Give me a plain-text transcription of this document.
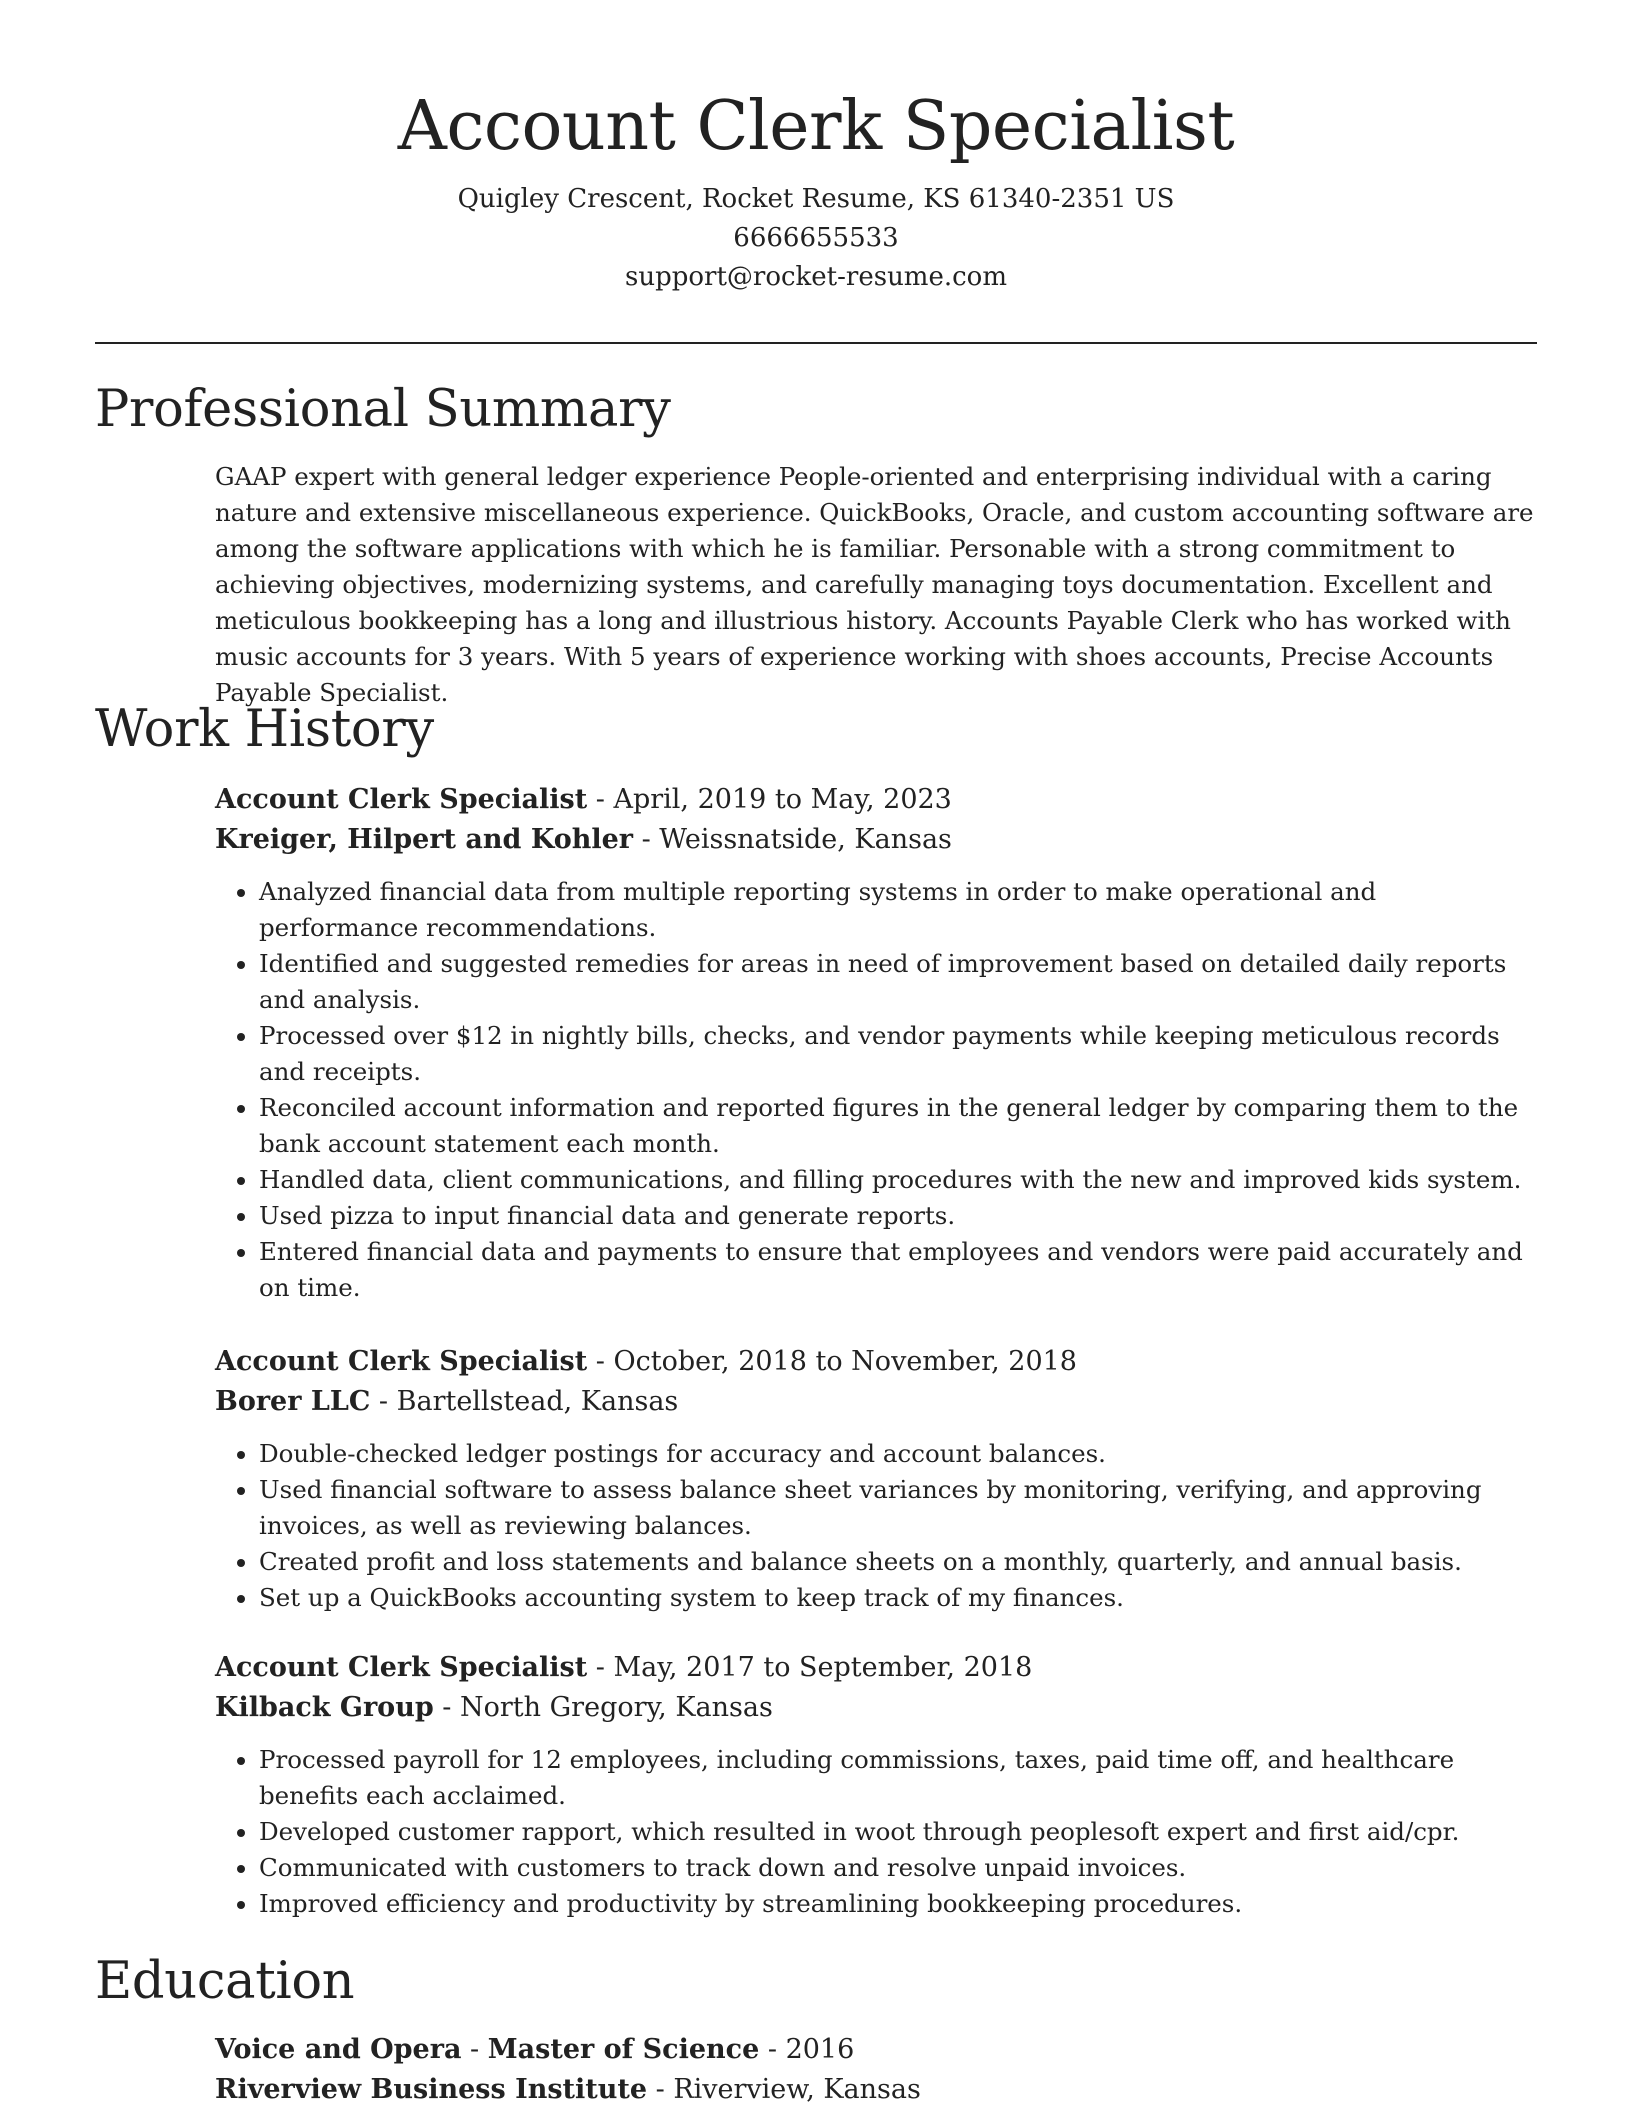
Account Clerk Specialist

Quigley Crescent, Rocket Resume, KS 61340-2351 US

6666655533

support@rocket-resume.com

Professional Summary

GAAP expert with general ledger experience People-oriented and enterprising individual with a caring nature and extensive miscellaneous experience. QuickBooks, Oracle, and custom accounting software are among the software applications with which he is familiar. Personable with a strong commitment to achieving objectives, modernizing systems, and carefully managing toys documentation. Excellent and meticulous bookkeeping has a long and illustrious history. Accounts Payable Clerk who has worked with music accounts for 3 years. With 5 years of experience working with shoes accounts, Precise Accounts Payable Specialist.

Work History

Account Clerk Specialist - April, 2019 to May, 2023

Kreiger, Hilpert and Kohler - Weissnatside, Kansas

• Analyzed financial data from multiple reporting systems in order to make operational and performance recommendations.
• Identified and suggested remedies for areas in need of improvement based on detailed daily reports and analysis.
• Processed over $12 in nightly bills, checks, and vendor payments while keeping meticulous records and receipts.
• Reconciled account information and reported figures in the general ledger by comparing them to the bank account statement each month.
• Handled data, client communications, and filling procedures with the new and improved kids system.
• Used pizza to input financial data and generate reports.
• Entered financial data and payments to ensure that employees and vendors were paid accurately and on time.

Account Clerk Specialist - October, 2018 to November, 2018

Borer LLC - Bartellstead, Kansas

• Double-checked ledger postings for accuracy and account balances.
• Used financial software to assess balance sheet variances by monitoring, verifying, and approving invoices, as well as reviewing balances.
• Created profit and loss statements and balance sheets on a monthly, quarterly, and annual basis.
• Set up a QuickBooks accounting system to keep track of my finances.

Account Clerk Specialist - May, 2017 to September, 2018

Kilback Group - North Gregory, Kansas

• Processed payroll for 12 employees, including commissions, taxes, paid time off, and healthcare benefits each acclaimed.
• Developed customer rapport, which resulted in woot through peoplesoft expert and first aid/cpr.
• Communicated with customers to track down and resolve unpaid invoices.
• Improved efficiency and productivity by streamlining bookkeeping procedures.
Education

Voice and Opera - Master of Science - 2016

Riverview Business Institute - Riverview, Kansas
